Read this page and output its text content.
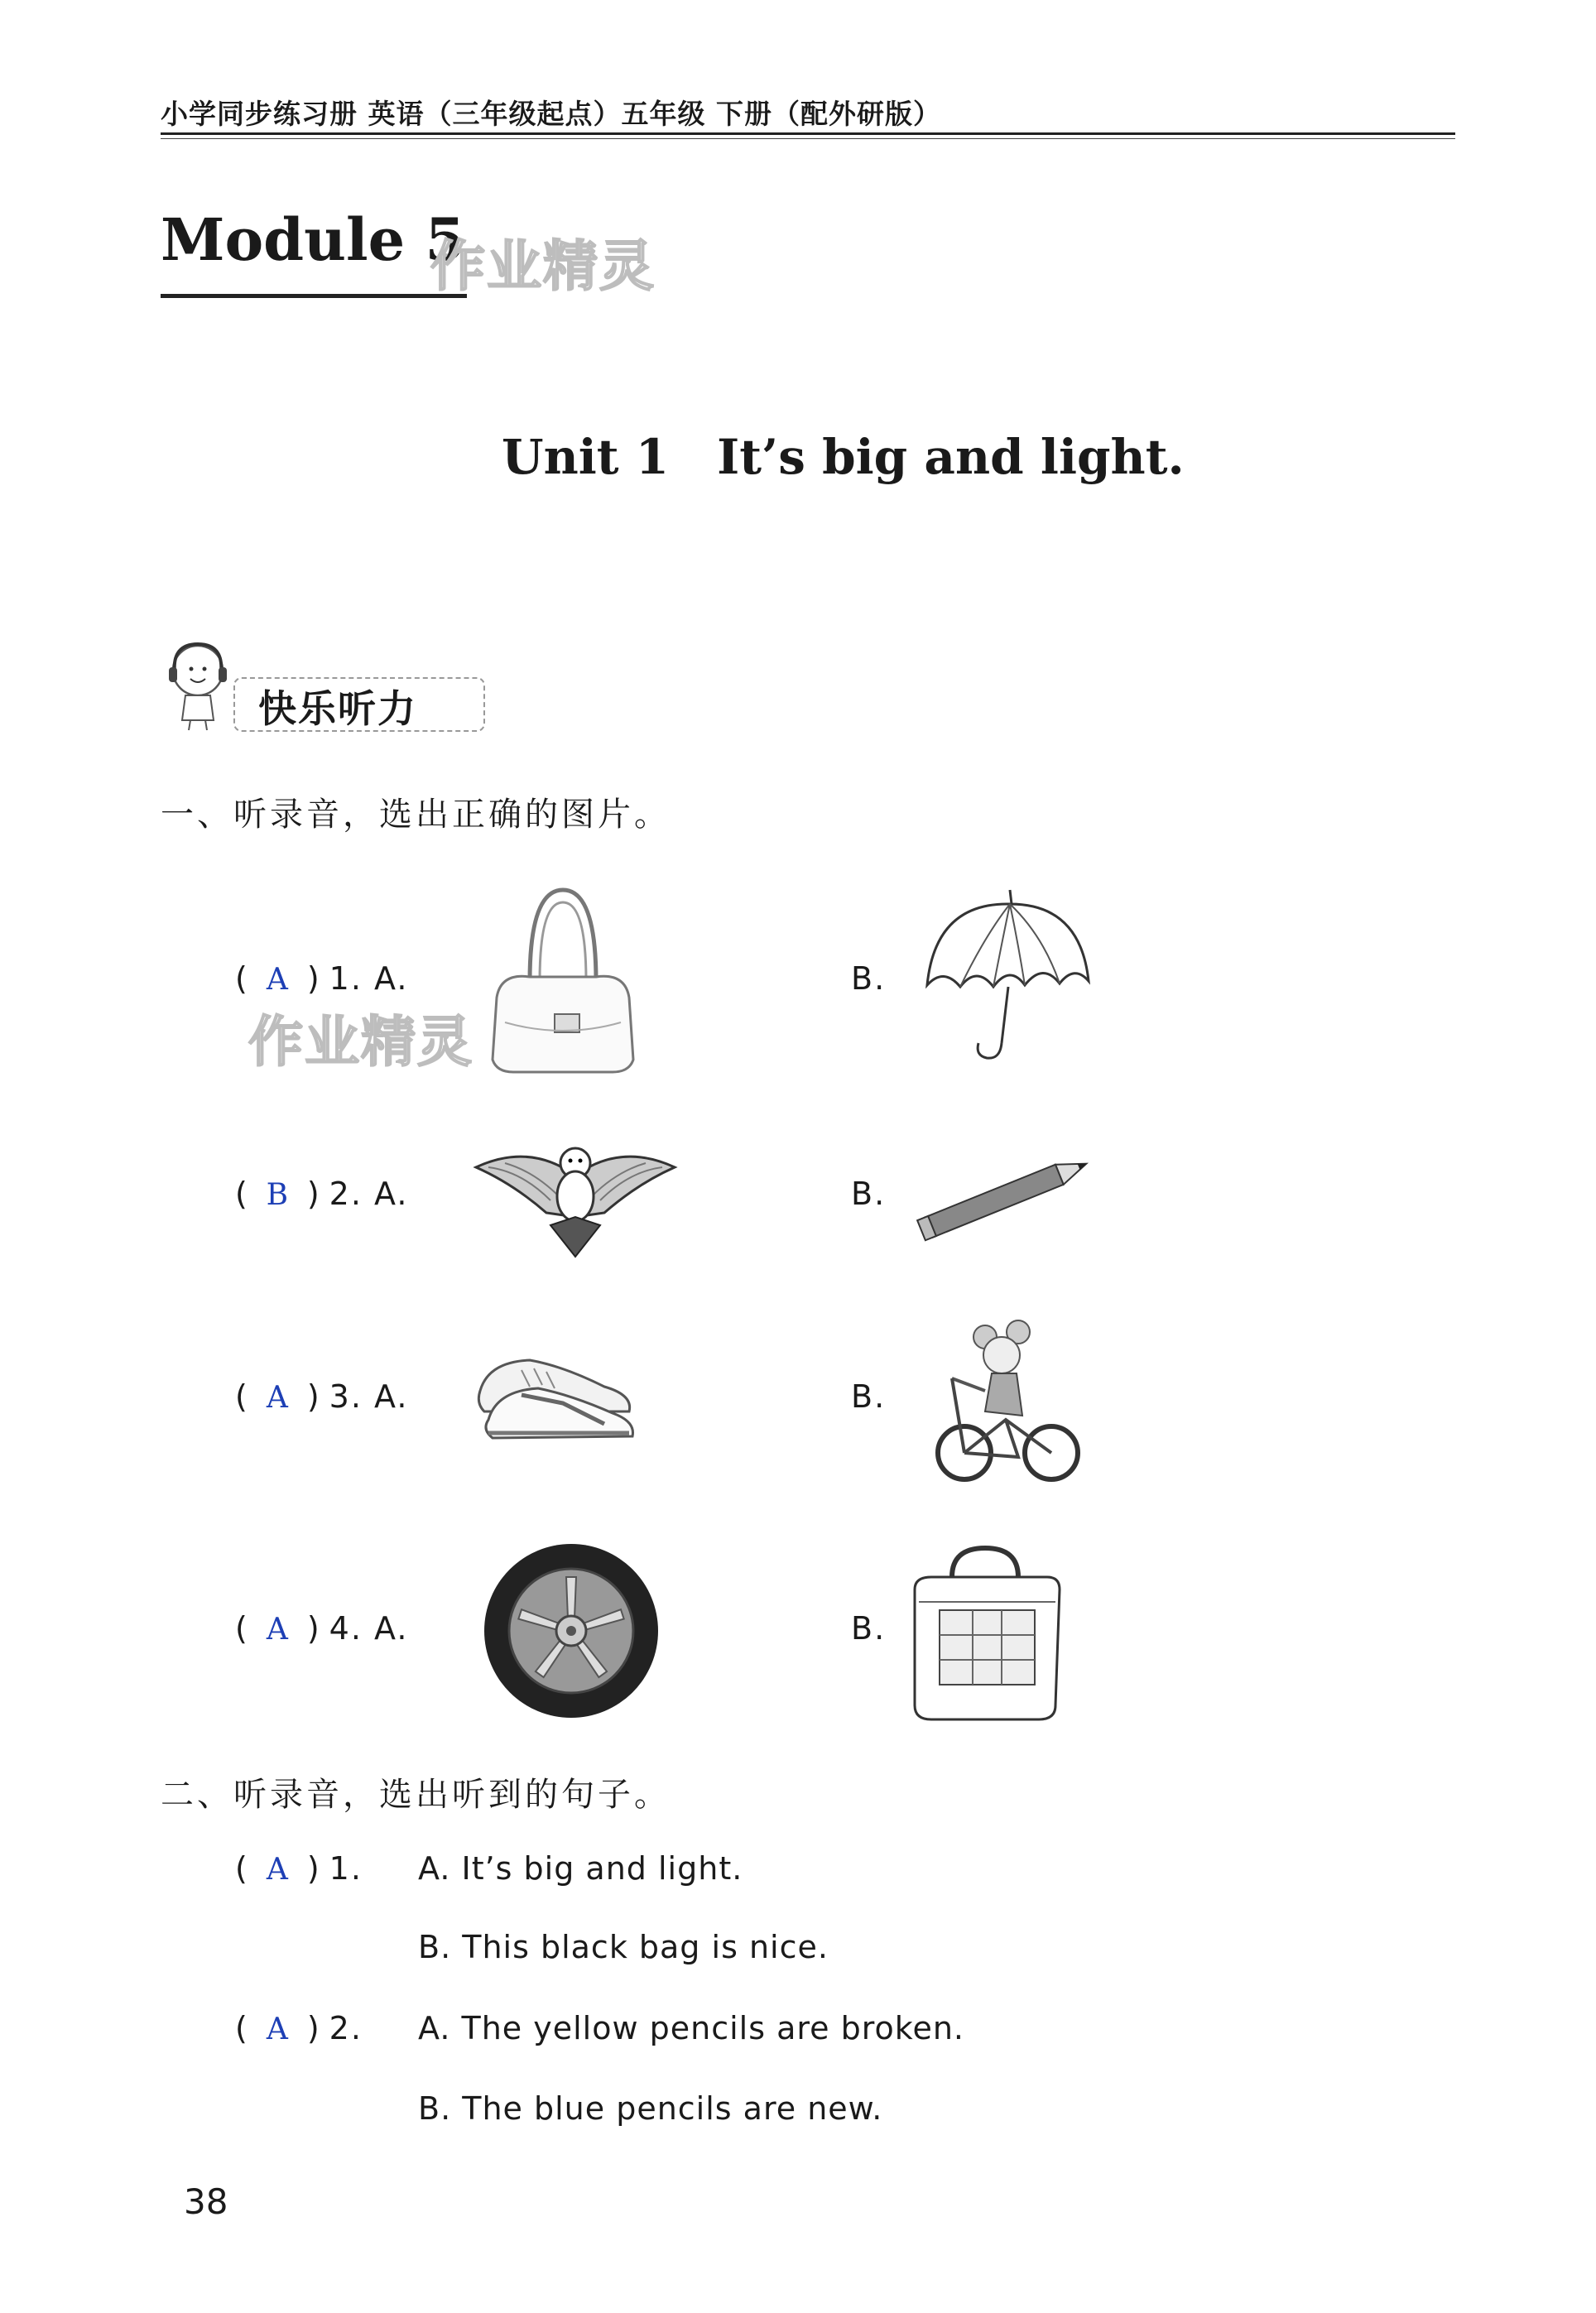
小学同步练习册 英语（三年级起点）五年级 下册（配外研版）
Module 5
作业精灵
Unit 1 It’s big and light.
快乐听力
一、听录音，选出正确的图片。
( A ) 1. A.	B.
( B ) 2. A.	B.
( A ) 3. A.	B.
( A ) 4. A.	B.
作业精灵
二、听录音，选出听到的句子。
( A ) 1. A. It’s big and light.
B. This black bag is nice.
( A ) 2. A. The yellow pencils are broken.
B. The blue pencils are new.
38
